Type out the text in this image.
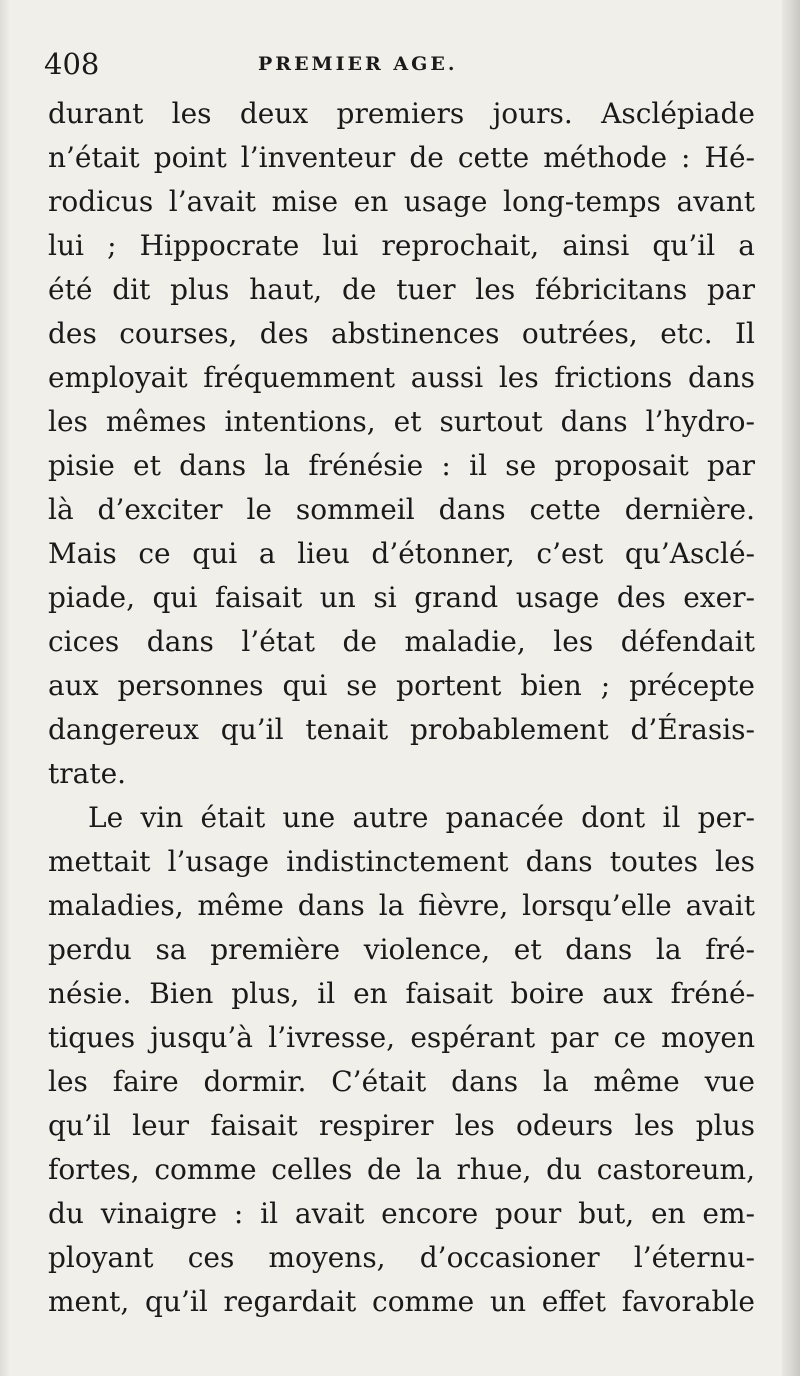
408	PREMIER AGE.
durant les deux premiers jours. Asclépiade
n’était point l’inventeur de cette méthode : Hé-
rodicus l’avait mise en usage long-temps avant
lui ; Hippocrate lui reprochait, ainsi qu’il a
été dit plus haut, de tuer les fébricitans par
des courses, des abstinences outrées, etc. Il
employait fréquemment aussi les frictions dans
les mêmes intentions, et surtout dans l’hydro-
pisie et dans la frénésie : il se proposait par
là d’exciter le sommeil dans cette dernière.
Mais ce qui a lieu d’étonner, c’est qu’Asclé-
piade, qui faisait un si grand usage des exer-
cices dans l’état de maladie, les défendait
aux personnes qui se portent bien ; précepte
dangereux qu’il tenait probablement d’Érasis-
trate.
Le vin était une autre panacée dont il per-
mettait l’usage indistinctement dans toutes les
maladies, même dans la fièvre, lorsqu’elle avait
perdu sa première violence, et dans la fré-
nésie. Bien plus, il en faisait boire aux fréné-
tiques jusqu’à l’ivresse, espérant par ce moyen
les faire dormir. C’était dans la même vue
qu’il leur faisait respirer les odeurs les plus
fortes, comme celles de la rhue, du castoreum,
du vinaigre : il avait encore pour but, en em-
ployant ces moyens, d’occasioner l’éternu-
ment, qu’il regardait comme un effet favorable
